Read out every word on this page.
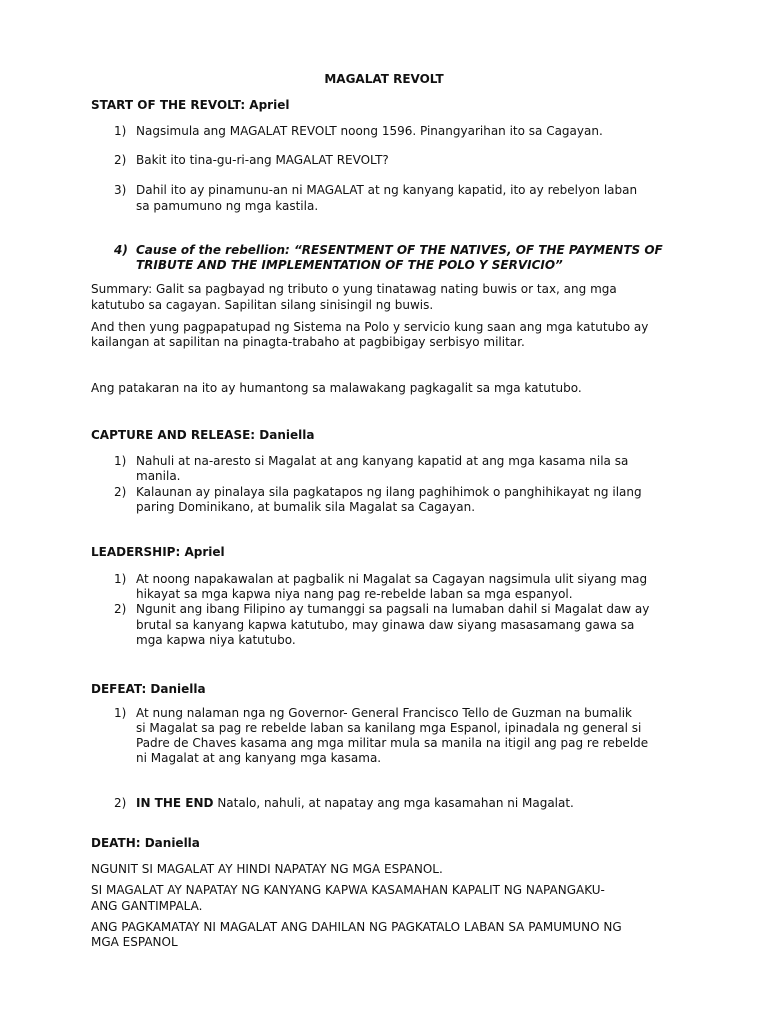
MAGALAT REVOLT
START OF THE REVOLT: Apriel
1) Nagsimula ang MAGALAT REVOLT noong 1596. Pinangyarihan ito sa Cagayan.
2) Bakit ito tina-gu-ri-ang MAGALAT REVOLT?
3) Dahil ito ay pinamunu-an ni MAGALAT at ng kanyang kapatid, ito ay rebelyon laban
sa pamumuno ng mga kastila.
4) Cause of the rebellion: “RESENTMENT OF THE NATIVES, OF THE PAYMENTS OF
TRIBUTE AND THE IMPLEMENTATION OF THE POLO Y SERVICIO”
Summary: Galit sa pagbayad ng tributo o yung tinatawag nating buwis or tax, ang mga
katutubo sa cagayan. Sapilitan silang sinisingil ng buwis.
And then yung pagpapatupad ng Sistema na Polo y servicio kung saan ang mga katutubo ay
kailangan at sapilitan na pinagta-trabaho at pagbibigay serbisyo militar.
Ang patakaran na ito ay humantong sa malawakang pagkagalit sa mga katutubo.
CAPTURE AND RELEASE: Daniella
1) Nahuli at na-aresto si Magalat at ang kanyang kapatid at ang mga kasama nila sa
manila.
2) Kalaunan ay pinalaya sila pagkatapos ng ilang paghihimok o panghihikayat ng ilang
paring Dominikano, at bumalik sila Magalat sa Cagayan.
LEADERSHIP: Apriel
1) At noong napakawalan at pagbalik ni Magalat sa Cagayan nagsimula ulit siyang mag
hikayat sa mga kapwa niya nang pag re-rebelde laban sa mga espanyol.
2) Ngunit ang ibang Filipino ay tumanggi sa pagsali na lumaban dahil si Magalat daw ay
brutal sa kanyang kapwa katutubo, may ginawa daw siyang masasamang gawa sa
mga kapwa niya katutubo.
DEFEAT: Daniella
1) At nung nalaman nga ng Governor- General Francisco Tello de Guzman na bumalik
si Magalat sa pag re rebelde laban sa kanilang mga Espanol, ipinadala ng general si
Padre de Chaves kasama ang mga militar mula sa manila na itigil ang pag re rebelde
ni Magalat at ang kanyang mga kasama.
2) IN THE END Natalo, nahuli, at napatay ang mga kasamahan ni Magalat.
DEATH: Daniella
NGUNIT SI MAGALAT AY HINDI NAPATAY NG MGA ESPANOL.
SI MAGALAT AY NAPATAY NG KANYANG KAPWA KASAMAHAN KAPALIT NG NAPANGAKU-
ANG GANTIMPALA.
ANG PAGKAMATAY NI MAGALAT ANG DAHILAN NG PAGKATALO LABAN SA PAMUMUNO NG
MGA ESPANOL
